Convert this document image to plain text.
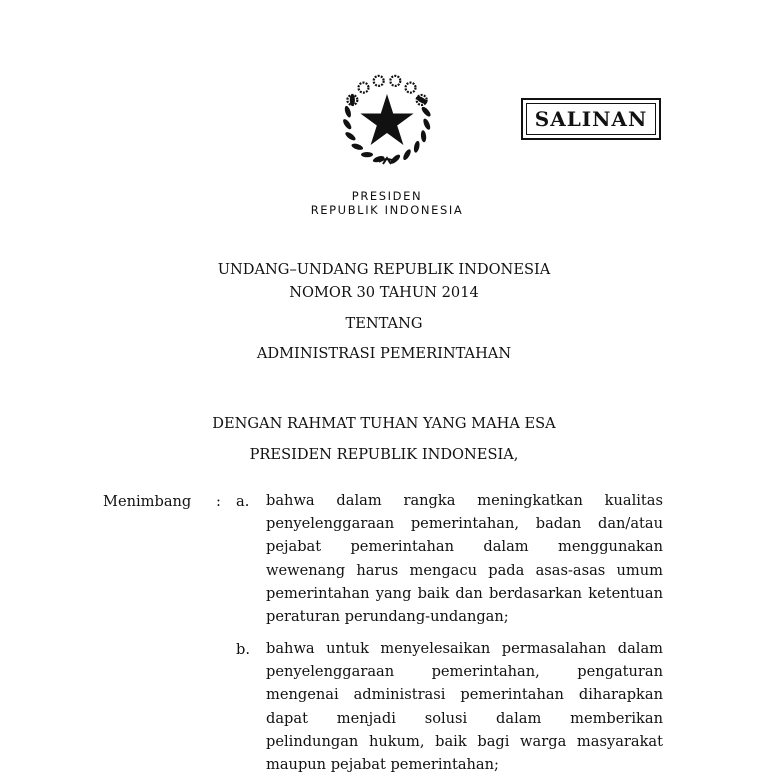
SALINAN
PRESIDEN
REPUBLIK INDONESIA
UNDANG–UNDANG REPUBLIK INDONESIA
NOMOR 30 TAHUN 2014
TENTANG
ADMINISTRASI PEMERINTAHAN
DENGAN RAHMAT TUHAN YANG MAHA ESA
PRESIDEN REPUBLIK INDONESIA,
Menimbang : a. bahwa dalam rangka meningkatkan kualitas
penyelenggaraan pemerintahan, badan dan/atau
pejabat pemerintahan dalam menggunakan
wewenang harus mengacu pada asas-asas umum
pemerintahan yang baik dan berdasarkan ketentuan
peraturan perundang-undangan;
b. bahwa untuk menyelesaikan permasalahan dalam
penyelenggaraan pemerintahan, pengaturan
mengenai administrasi pemerintahan diharapkan
dapat menjadi solusi dalam memberikan
pelindungan hukum, baik bagi warga masyarakat
maupun pejabat pemerintahan;
